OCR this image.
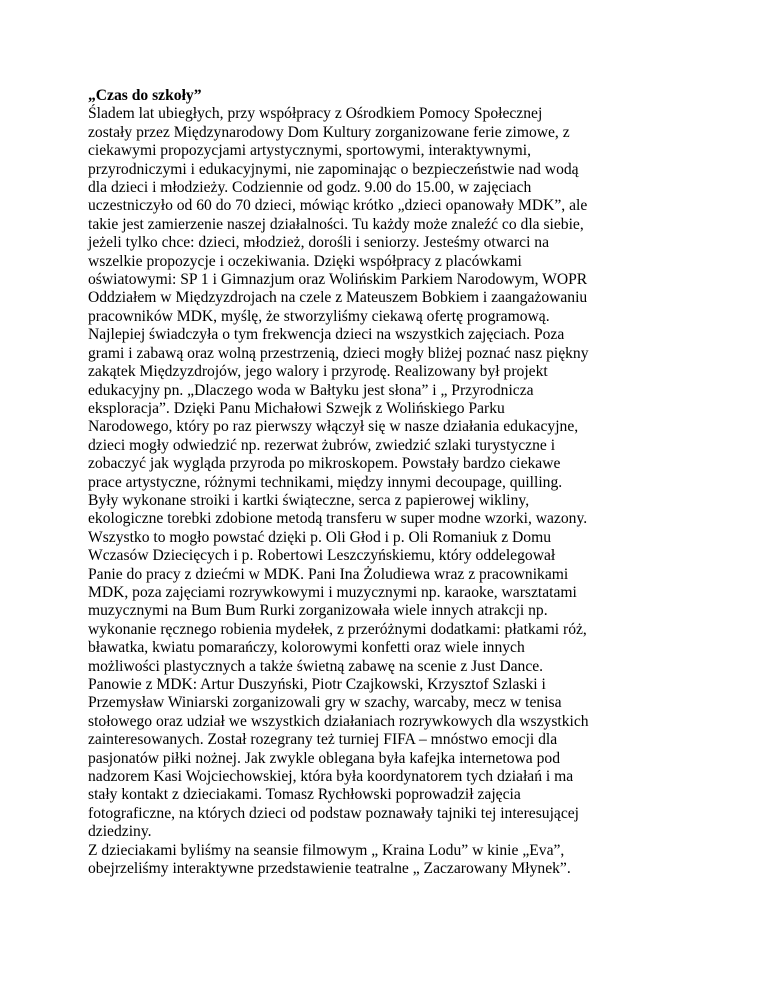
„Czas do szkoły”
Śladem lat ubiegłych, przy współpracy z Ośrodkiem Pomocy Społecznej
zostały przez Międzynarodowy Dom Kultury zorganizowane ferie zimowe, z
ciekawymi propozycjami artystycznymi, sportowymi, interaktywnymi,
przyrodniczymi i edukacyjnymi, nie zapominając o bezpieczeństwie nad wodą
dla dzieci i młodzieży. Codziennie od godz. 9.00 do 15.00, w zajęciach
uczestniczyło od 60 do 70 dzieci, mówiąc krótko „dzieci opanowały MDK”, ale
takie jest zamierzenie naszej działalności. Tu każdy może znaleźć co dla siebie,
jeżeli tylko chce: dzieci, młodzież, dorośli i seniorzy. Jesteśmy otwarci na
wszelkie propozycje i oczekiwania. Dzięki współpracy z placówkami
oświatowymi: SP 1 i Gimnazjum oraz Wolińskim Parkiem Narodowym, WOPR
Oddziałem w Międzyzdrojach na czele z Mateuszem Bobkiem i zaangażowaniu
pracowników MDK, myślę, że stworzyliśmy ciekawą ofertę programową.
Najlepiej świadczyła o tym frekwencja dzieci na wszystkich zajęciach. Poza
grami i zabawą oraz wolną przestrzenią, dzieci mogły bliżej poznać nasz piękny
zakątek Międzyzdrojów, jego walory i przyrodę. Realizowany był projekt
edukacyjny pn. „Dlaczego woda w Bałtyku jest słona” i „ Przyrodnicza
eksploracja”. Dzięki Panu Michałowi Szwejk z Wolińskiego Parku
Narodowego, który po raz pierwszy włączył się w nasze działania edukacyjne,
dzieci mogły odwiedzić np. rezerwat żubrów, zwiedzić szlaki turystyczne i
zobaczyć jak wygląda przyroda po mikroskopem. Powstały bardzo ciekawe
prace artystyczne, różnymi technikami, między innymi decoupage, quilling.
Były wykonane stroiki i kartki świąteczne, serca z papierowej wikliny,
ekologiczne torebki zdobione metodą transferu w super modne wzorki, wazony.
Wszystko to mogło powstać dzięki p. Oli Głod i p. Oli Romaniuk z Domu
Wczasów Dziecięcych i p. Robertowi Leszczyńskiemu, który oddelegował
Panie do pracy z dziećmi w MDK. Pani Ina Żoludiewa wraz z pracownikami
MDK, poza zajęciami rozrywkowymi i muzycznymi np. karaoke, warsztatami
muzycznymi na Bum Bum Rurki zorganizowała wiele innych atrakcji np.
wykonanie ręcznego robienia mydełek, z przeróżnymi dodatkami: płatkami róż,
bławatka, kwiatu pomarańczy, kolorowymi konfetti oraz wiele innych
możliwości plastycznych a także świetną zabawę na scenie z Just Dance.
Panowie z MDK: Artur Duszyński, Piotr Czajkowski, Krzysztof Szlaski i
Przemysław Winiarski zorganizowali gry w szachy, warcaby, mecz w tenisa
stołowego oraz udział we wszystkich działaniach rozrywkowych dla wszystkich
zainteresowanych. Został rozegrany też turniej FIFA – mnóstwo emocji dla
pasjonatów piłki nożnej. Jak zwykle oblegana była kafejka internetowa pod
nadzorem Kasi Wojciechowskiej, która była koordynatorem tych działań i ma
stały kontakt z dzieciakami. Tomasz Rychłowski poprowadził zajęcia
fotograficzne, na których dzieci od podstaw poznawały tajniki tej interesującej
dziedziny.
Z dzieciakami byliśmy na seansie filmowym „ Kraina Lodu” w kinie „Eva”,
obejrzeliśmy interaktywne przedstawienie teatralne „ Zaczarowany Młynek”.
